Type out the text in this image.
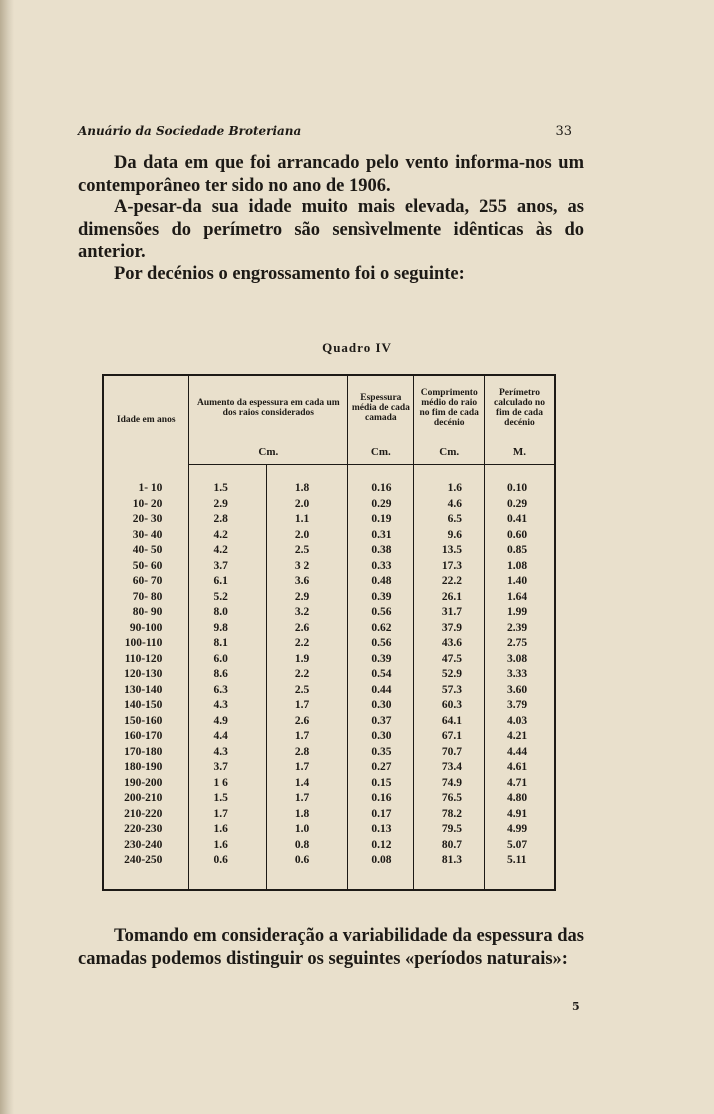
Anuário da Sociedade Broteriana	33

Da data em que foi arrancado pelo vento informa-nos um contemporâneo ter sido no ano de 1906.

A-pesar-da sua idade muito mais elevada, 255 anos, as dimensões do perímetro são sensìvelmente idênticas às do anterior.

Por decénios o engrossamento foi o seguinte:

Quadro IV
Idade em anos	Aumento da espessura em cada um dos raios considerados		Espessura média de cada camada	Comprimento médio do raio no fim de cada decénio	Perímetro calculado no fim de cada decénio
	Cm.		Cm.	Cm.	M.

1- 10	1.5	1.8	0.16	1.6	0.10
10- 20	2.9	2.0	0.29	4.6	0.29
20- 30	2.8	1.1	0.19	6.5	0.41
30- 40	4.2	2.0	0.31	9.6	0.60
40- 50	4.2	2.5	0.38	13.5	0.85
50- 60	3.7	3 2	0.33	17.3	1.08
60- 70	6.1	3.6	0.48	22.2	1.40
70- 80	5.2	2.9	0.39	26.1	1.64
80- 90	8.0	3.2	0.56	31.7	1.99
90-100	9.8	2.6	0.62	37.9	2.39
100-110	8.1	2.2	0.56	43.6	2.75
110-120	6.0	1.9	0.39	47.5	3.08
120-130	8.6	2.2	0.54	52.9	3.33
130-140	6.3	2.5	0.44	57.3	3.60
140-150	4.3	1.7	0.30	60.3	3.79
150-160	4.9	2.6	0.37	64.1	4.03
160-170	4.4	1.7	0.30	67.1	4.21
170-180	4.3	2.8	0.35	70.7	4.44
180-190	3.7	1.7	0.27	73.4	4.61
190-200	1 6	1.4	0.15	74.9	4.71
200-210	1.5	1.7	0.16	76.5	4.80
210-220	1.7	1.8	0.17	78.2	4.91
220-230	1.6	1.0	0.13	79.5	4.99
230-240	1.6	0.8	0.12	80.7	5.07
240-250	0.6	0.6	0.08	81.3	5.11

Tomando em consideração a variabilidade da espessura das camadas podemos distinguir os seguintes «períodos naturais»:

5
